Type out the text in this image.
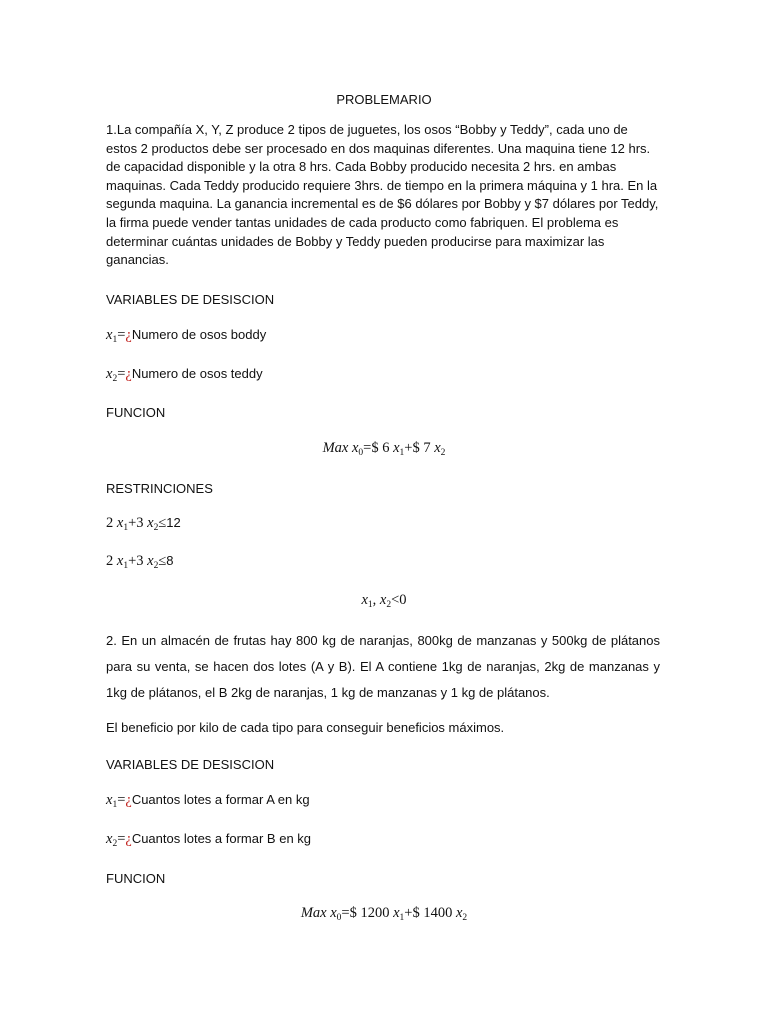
PROBLEMARIO
1.La compañía X, Y, Z produce 2 tipos de juguetes, los osos “Bobby y Teddy”, cada uno de estos 2 productos debe ser procesado en dos maquinas diferentes. Una maquina tiene 12 hrs. de capacidad disponible y la otra 8 hrs. Cada Bobby producido necesita 2 hrs. en ambas maquinas. Cada Teddy producido requiere 3hrs. de tiempo en la primera máquina y 1 hra. En la segunda maquina. La ganancia incremental es de $6 dólares por Bobby y $7 dólares por Teddy, la firma puede vender tantas unidades de cada producto como fabriquen. El problema es determinar cuántas unidades de Bobby y Teddy pueden producirse para maximizar las ganancias.
VARIABLES DE DESISCION
$x_1=¿Numero$ de osos boddy
$x_2=¿Numero$ de osos teddy
FUNCION
Max $x_0=\$$ 6 $x_1+\$$ 7 $x_2$
RESTRINCIONES
2 $x_1+3$ $x_2\le 12$
2 $x_1+3$ $x_2\le 8$
$x_1$, $x_2<0$
2. En un almacén de frutas hay 800 kg de naranjas, 800kg de manzanas y 500kg de plátanos para su venta, se hacen dos lotes (A y B). El A contiene 1kg de naranjas, 2kg de manzanas y 1kg de plátanos, el B 2kg de naranjas, 1 kg de manzanas y 1 kg de plátanos.
El beneficio por kilo de cada tipo para conseguir beneficios máximos.
VARIABLES DE DESISCION
$x_1=¿Cuantos$ lotes a formar A en kg
$x_2=¿Cuantos$ lotes a formar B en kg
FUNCION
Max $x_0=\$$ 1200 $x_1+\$$ 1400 $x_2$
